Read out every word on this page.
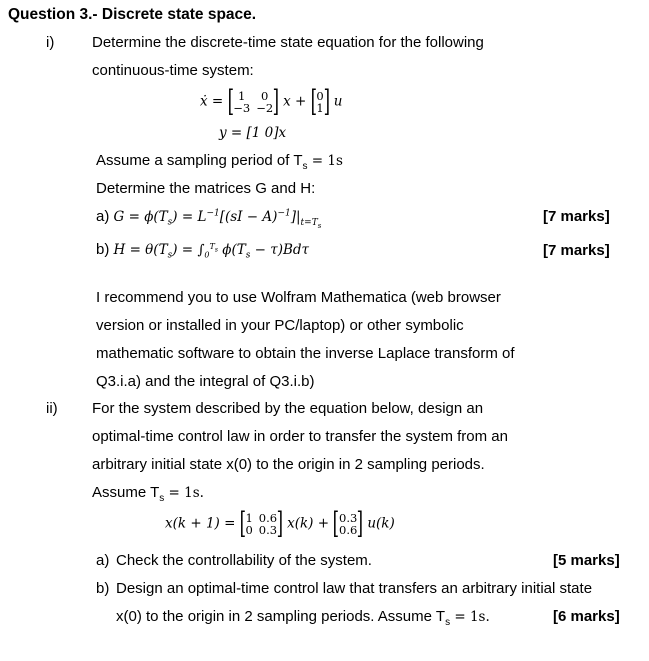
Question 3.- Discrete state space.
i)	Determine the discrete-time state equation for the following
continuous-time system:
ẋ = [ 1	0
−3 −2 ] x + [ 0
1 ] u
y = [1 0]x
Assume a sampling period of $T_s = 1s$
Determine the matrices G and H:
a) $G = \phi(T_s) = L^{-1}[(sI - A)^{-1}]|_{t=T_s}$
[7 marks]
b) $H = \theta(T_s) = \int_0^{T_s}$ $\phi(T_s - \tau)Bd\tau$	[7 marks]
I recommend you to use Wolfram Mathematica (web browser
version or installed in your PC/laptop) or other symbolic
mathematic software to obtain the inverse Laplace transform of
Q3.i.a) and the integral of Q3.i.b)
ii) For the system described by the equation below, design an
optimal-time control law in order to transfer the system from an
arbitrary initial state x(0) to the origin in 2 sampling periods.
Assume $T_s = 1s$.
x(k + 1) = [ 1 0.6
0 0.3 ] x(k) + [ 0.3
0.6 ] u(k)
a) Check the controllability of the system.	[5 marks]
b) Design an optimal-time control law that transfers an arbitrary initial state
x(0) to the origin in 2 sampling periods. Assume $T_s = 1s$.	[6 marks]
